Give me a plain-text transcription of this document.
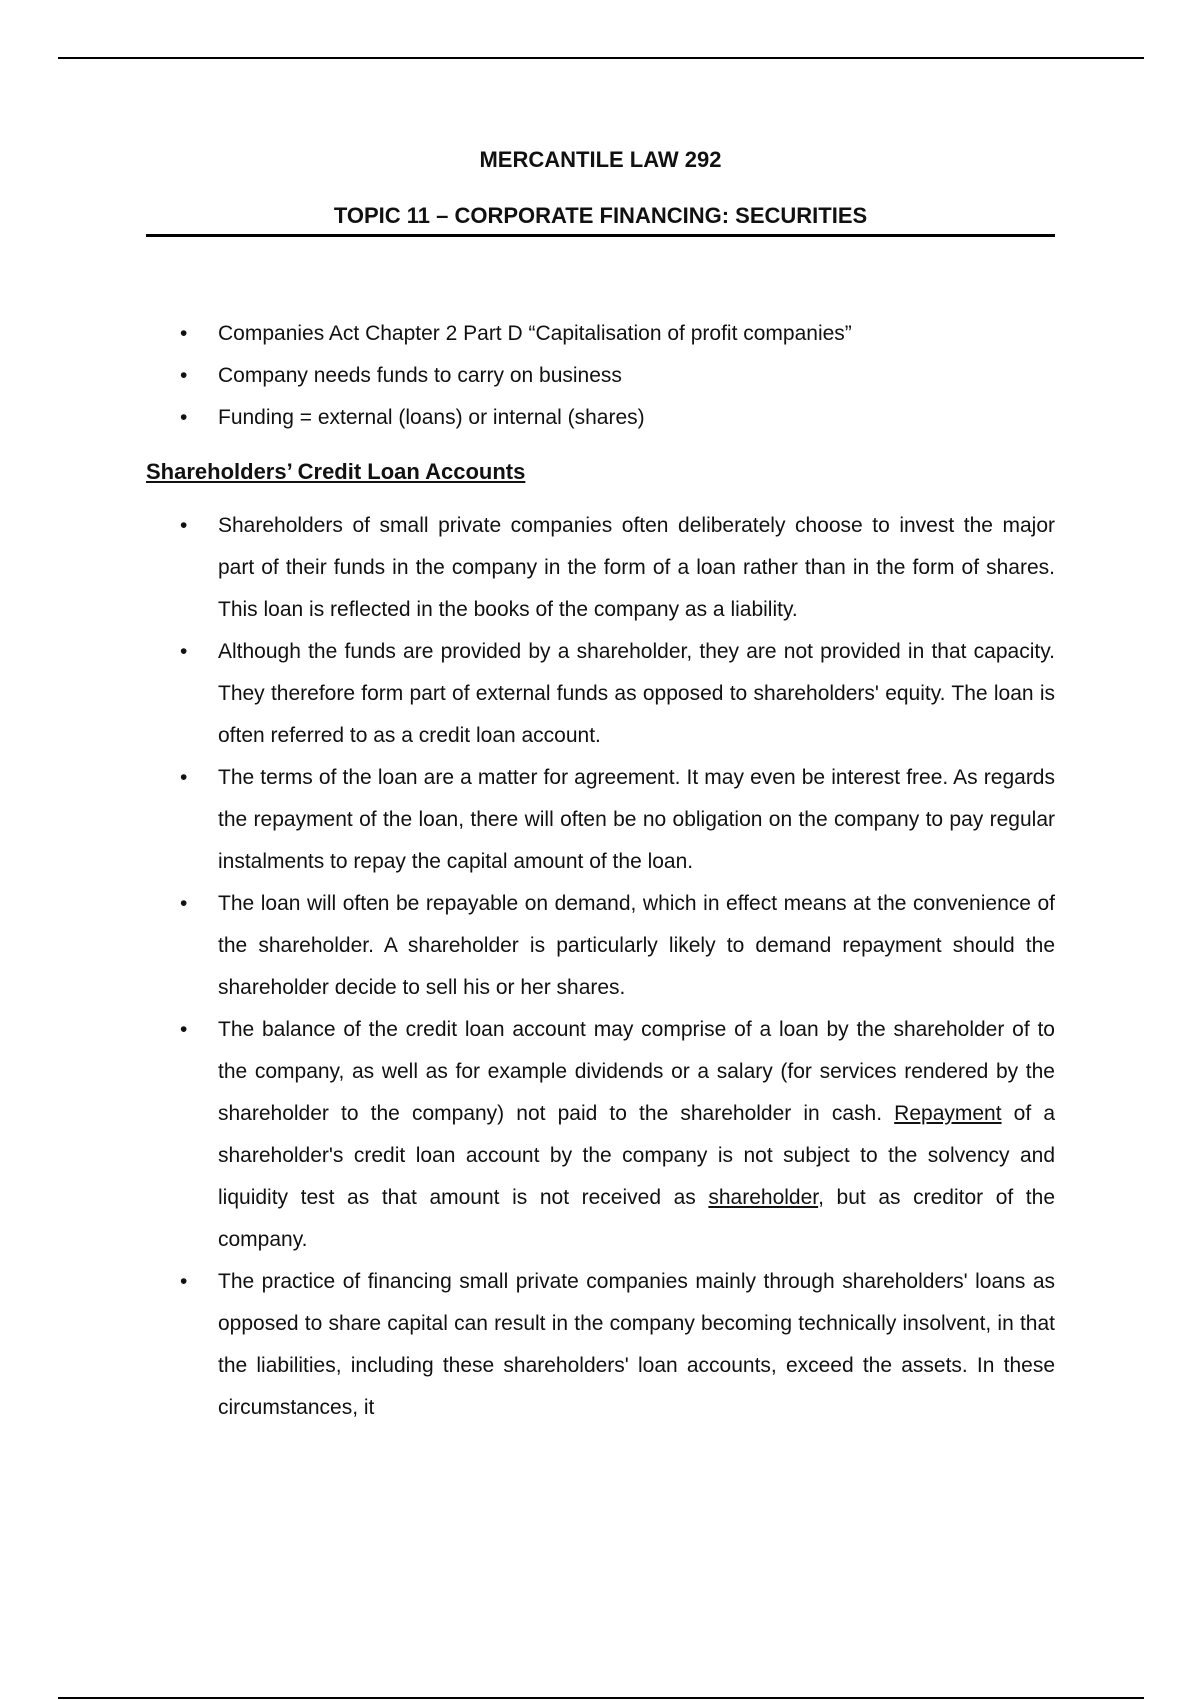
MERCANTILE LAW 292
TOPIC 11 – CORPORATE FINANCING: SECURITIES
• Companies Act Chapter 2 Part D “Capitalisation of profit companies”
• Company needs funds to carry on business
• Funding = external (loans) or internal (shares)
Shareholders’ Credit Loan Accounts
• Shareholders of small private companies often deliberately choose to invest the major part of their funds in the company in the form of a loan rather than in the form of shares. This loan is reflected in the books of the company as a liability.
• Although the funds are provided by a shareholder, they are not provided in that capacity. They therefore form part of external funds as opposed to shareholders' equity. The loan is often referred to as a credit loan account.
• The terms of the loan are a matter for agreement. It may even be interest free. As regards the repayment of the loan, there will often be no obligation on the company to pay regular instalments to repay the capital amount of the loan.
• The loan will often be repayable on demand, which in effect means at the convenience of the shareholder. A shareholder is particularly likely to demand repayment should the shareholder decide to sell his or her shares.
• The balance of the credit loan account may comprise of a loan by the shareholder of to the company, as well as for example dividends or a salary (for services rendered by the shareholder to the company) not paid to the shareholder in cash. Repayment of a shareholder's credit loan account by the company is not subject to the solvency and liquidity test as that amount is not received as shareholder, but as creditor of the company.
• The practice of financing small private companies mainly through shareholders' loans as opposed to share capital can result in the company becoming technically insolvent, in that the liabilities, including these shareholders' loan accounts, exceed the assets. In these circumstances, it
